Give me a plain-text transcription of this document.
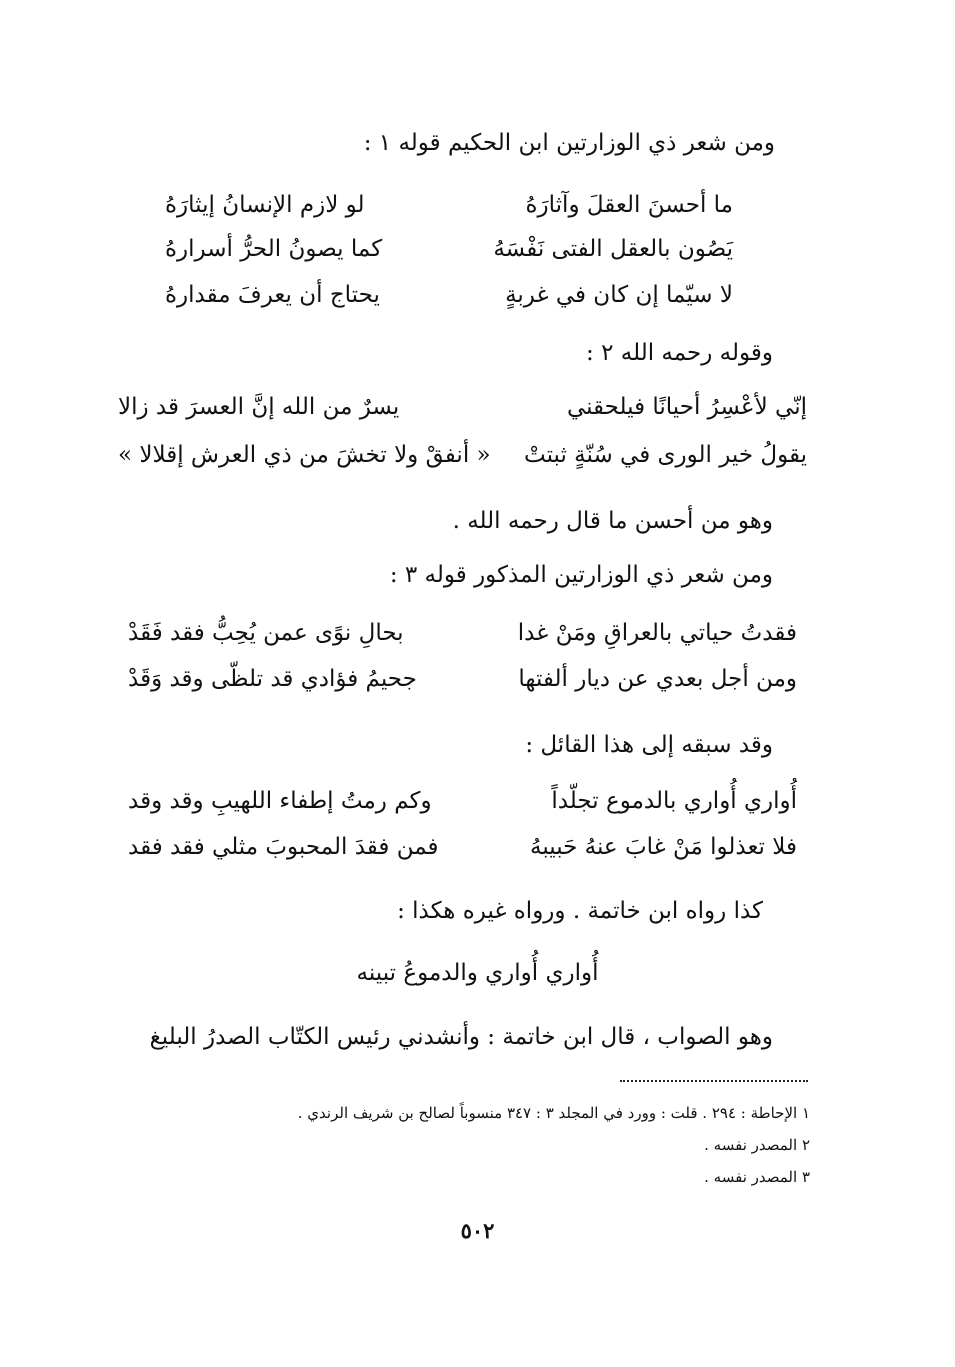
ومن شعر ذي الوزارتين ابن الحكيم قوله ١ :
ما أحسنَ العقلَ وآثارَهُ
لو لازم الإنسانُ إيثارَهُ
يَصُون بالعقل الفتى نَفْسَهُ
كما يصونُ الحرُّ أسرارهُ
لا سيّما إن كان في غربةٍ
يحتاج أن يعرفَ مقدارهُ
وقوله رحمه الله ٢ :
إنّي لأعْسِرُ أحيانًا فيلحقني
يسرٌ من الله إنَّ العسرَ قد زالا
يقولُ خير الورى في سُنّةٍ ثبتتْ
« أنفقْ ولا تخشَ من ذي العرش إقلالا »
وهو من أحسن ما قال رحمه الله .
ومن شعر ذي الوزارتين المذكور قوله ٣ :
فقدتُ حياتي بالعراقِ ومَنْ غدا
بحالِ نوًى عمن يُحِبُّ فقد فَقَدْ
ومن أجل بعدي عن ديار ألفتها
جحيمُ فؤادي قد تلظّى وقد وَقَدْ
وقد سبقه إلى هذا القائل :
أُواري أُواري بالدموع تجلّداً
وكم رمتُ إطفاء اللهيبِ وقد وقد
فلا تعذلوا مَنْ غابَ عنهُ حَبيبهُ
فمن فقدَ المحبوبَ مثلي فقد فقد
كذا رواه ابن خاتمة . ورواه غيره هكذا :
أُواري أُواري والدموعُ تبينه
وهو الصواب ، قال ابن خاتمة : وأنشدني رئيس الكتّاب الصدرُ البليغ
١ الإحاطة : ٢٩٤ . قلت : وورد في المجلد ٣ : ٣٤٧ منسوباً لصالح بن شريف الرندي .
٢ المصدر نفسه .
٣ المصدر نفسه .
٥٠٢
